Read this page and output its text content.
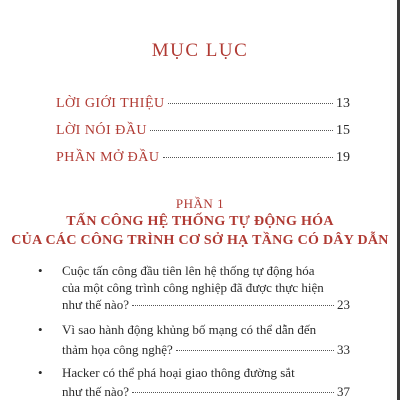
MỤC LỤC
LỜI GIỚI THIỆU	13
LỜI NÓI ĐẦU	15
PHẦN MỞ ĐẦU	19
PHẦN 1
TẤN CÔNG HỆ THỐNG TỰ ĐỘNG HÓA
CỦA CÁC CÔNG TRÌNH CƠ SỞ HẠ TẦNG CÓ DÂY DẪN
• Cuộc tấn công đầu tiên lên hệ thống tự động hóa
của một công trình công nghiệp đã được thực hiện
như thế nào?	23
• Vì sao hành động khủng bố mạng có thể dẫn đến
thảm họa công nghệ?	33
• Hacker có thể phá hoại giao thông đường sắt
như thế nào?	37
